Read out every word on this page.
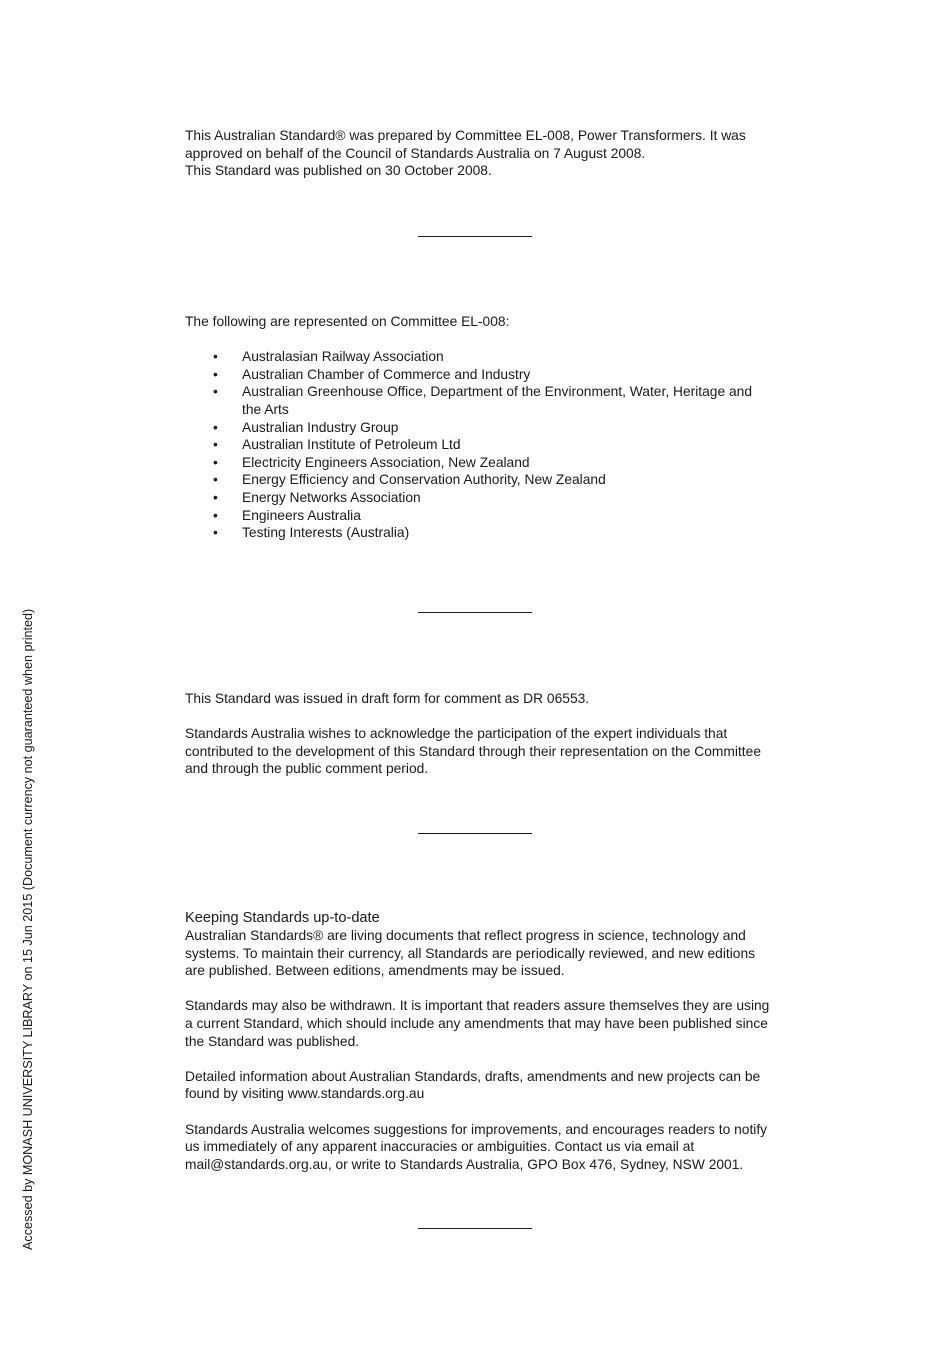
This Australian Standard® was prepared by Committee EL-008, Power Transformers. It was approved on behalf of the Council of Standards Australia on 7 August 2008.

This Standard was published on 30 October 2008.

The following are represented on Committee EL-008:

• Australasian Railway Association
• Australian Chamber of Commerce and Industry
• Australian Greenhouse Office, Department of the Environment, Water, Heritage and the Arts
• Australian Industry Group
• Australian Institute of Petroleum Ltd
• Electricity Engineers Association, New Zealand
• Energy Efficiency and Conservation Authority, New Zealand
• Energy Networks Association
• Engineers Australia
• Testing Interests (Australia)

This Standard was issued in draft form for comment as DR 06553.

Standards Australia wishes to acknowledge the participation of the expert individuals that contributed to the development of this Standard through their representation on the Committee and through the public comment period.

Keeping Standards up-to-date

Australian Standards® are living documents that reflect progress in science, technology and systems. To maintain their currency, all Standards are periodically reviewed, and new editions are published. Between editions, amendments may be issued.

Standards may also be withdrawn. It is important that readers assure themselves they are using a current Standard, which should include any amendments that may have been published since the Standard was published.

Detailed information about Australian Standards, drafts, amendments and new projects can be found by visiting www.standards.org.au

Standards Australia welcomes suggestions for improvements, and encourages readers to notify us immediately of any apparent inaccuracies or ambiguities. Contact us via email at mail@standards.org.au, or write to Standards Australia, GPO Box 476, Sydney, NSW 2001.

Accessed by MONASH UNIVERSITY LIBRARY on 15 Jun 2015 (Document currency not guaranteed when printed)
